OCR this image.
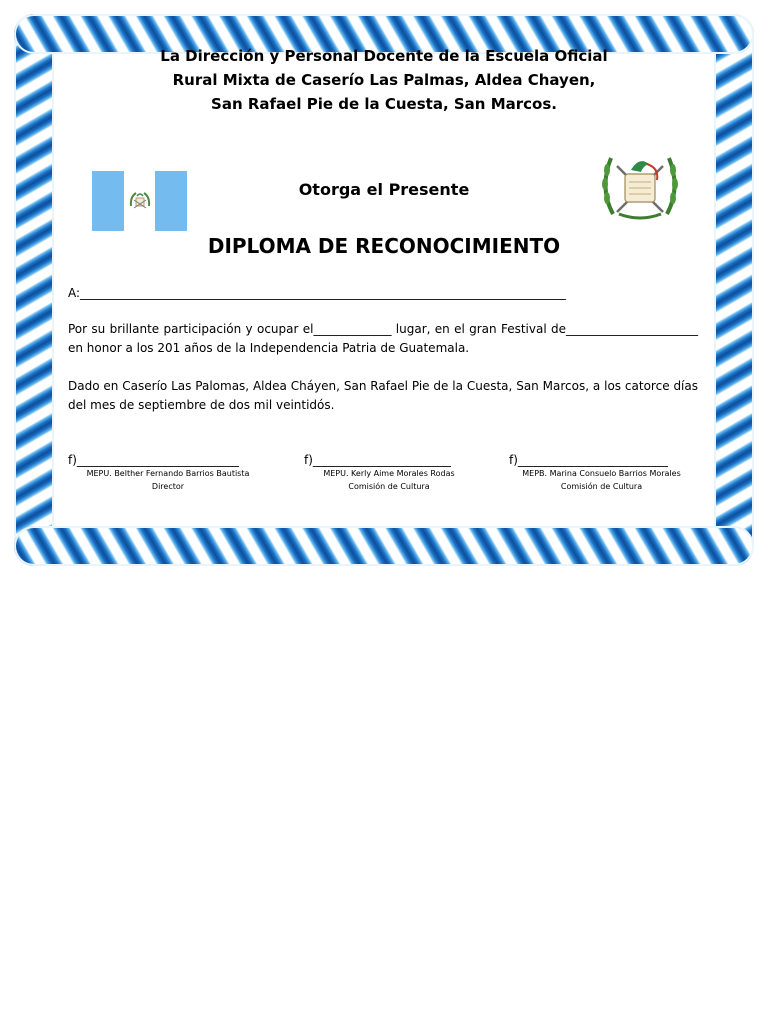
La Dirección y Personal Docente de la Escuela Oficial
Rural Mixta de Caserío Las Palmas, Aldea Chayen,
San Rafael Pie de la Cuesta, San Marcos.
Otorga el Presente
DIPLOMA DE RECONOCIMIENTO
A:_________________________________________________________________________________
Por su brillante participación y ocupar el_____________ lugar, en el gran Festival de______________________ en honor a los 201 años de la Independencia Patria de Guatemala.
Dado en Caserío Las Palomas, Aldea Cháyen, San Rafael Pie de la Cuesta, San Marcos, a los catorce días del mes de septiembre de dos mil veintidós.
f)___________________________
MEPU. Belther Fernando Barrios Bautista
Director
f)_______________________
MEPU. Kerly Aime Morales Rodas
Comisión de Cultura
f)_________________________
MEPB. Marina Consuelo Barrios Morales
Comisión de Cultura
